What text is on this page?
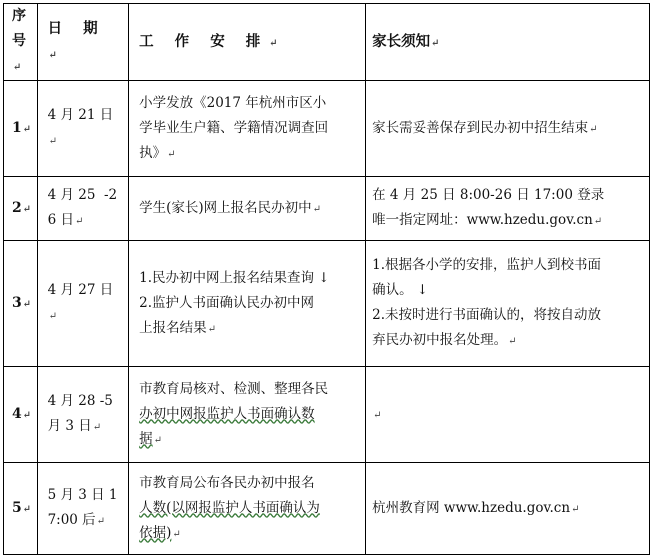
序号↵	日 期↵	工 作 安 排↵	家长须知↵
1↵	4 月 21 日↵	小学发放《2017 年杭州市区小
学毕业生户籍、学籍情况调查回
执》↵	家长需妥善保存到民办初中招生结束↵

2↵	4 月 25  -26 日↵	学生(家长)网上报名民办初中↵	在 4 月 25 日 8:00-26 日 17:00 登录
唯一指定网址：www.hzedu.gov.cn↵

3↵	4 月 27 日↵	1.民办初中网上报名结果查询 ↓
2.监护人书面确认民办初中网
上报名结果↵	1.根据各小学的安排，监护人到校书面
确认。 ↓
2.未按时进行书面确认的，将按自动放
弃民办初中报名处理。↵

4↵	4 月 28 -5 月 3 日↵	市教育局核对、检测、整理各民
办初中网报监护人书面确认数
据↵	↵

5↵	5 月 3 日 17:00 后↵	市教育局公布各民办初中报名
人数(以网报监护人书面确认为
依据)↵	杭州教育网 www.hzedu.gov.cn↵
